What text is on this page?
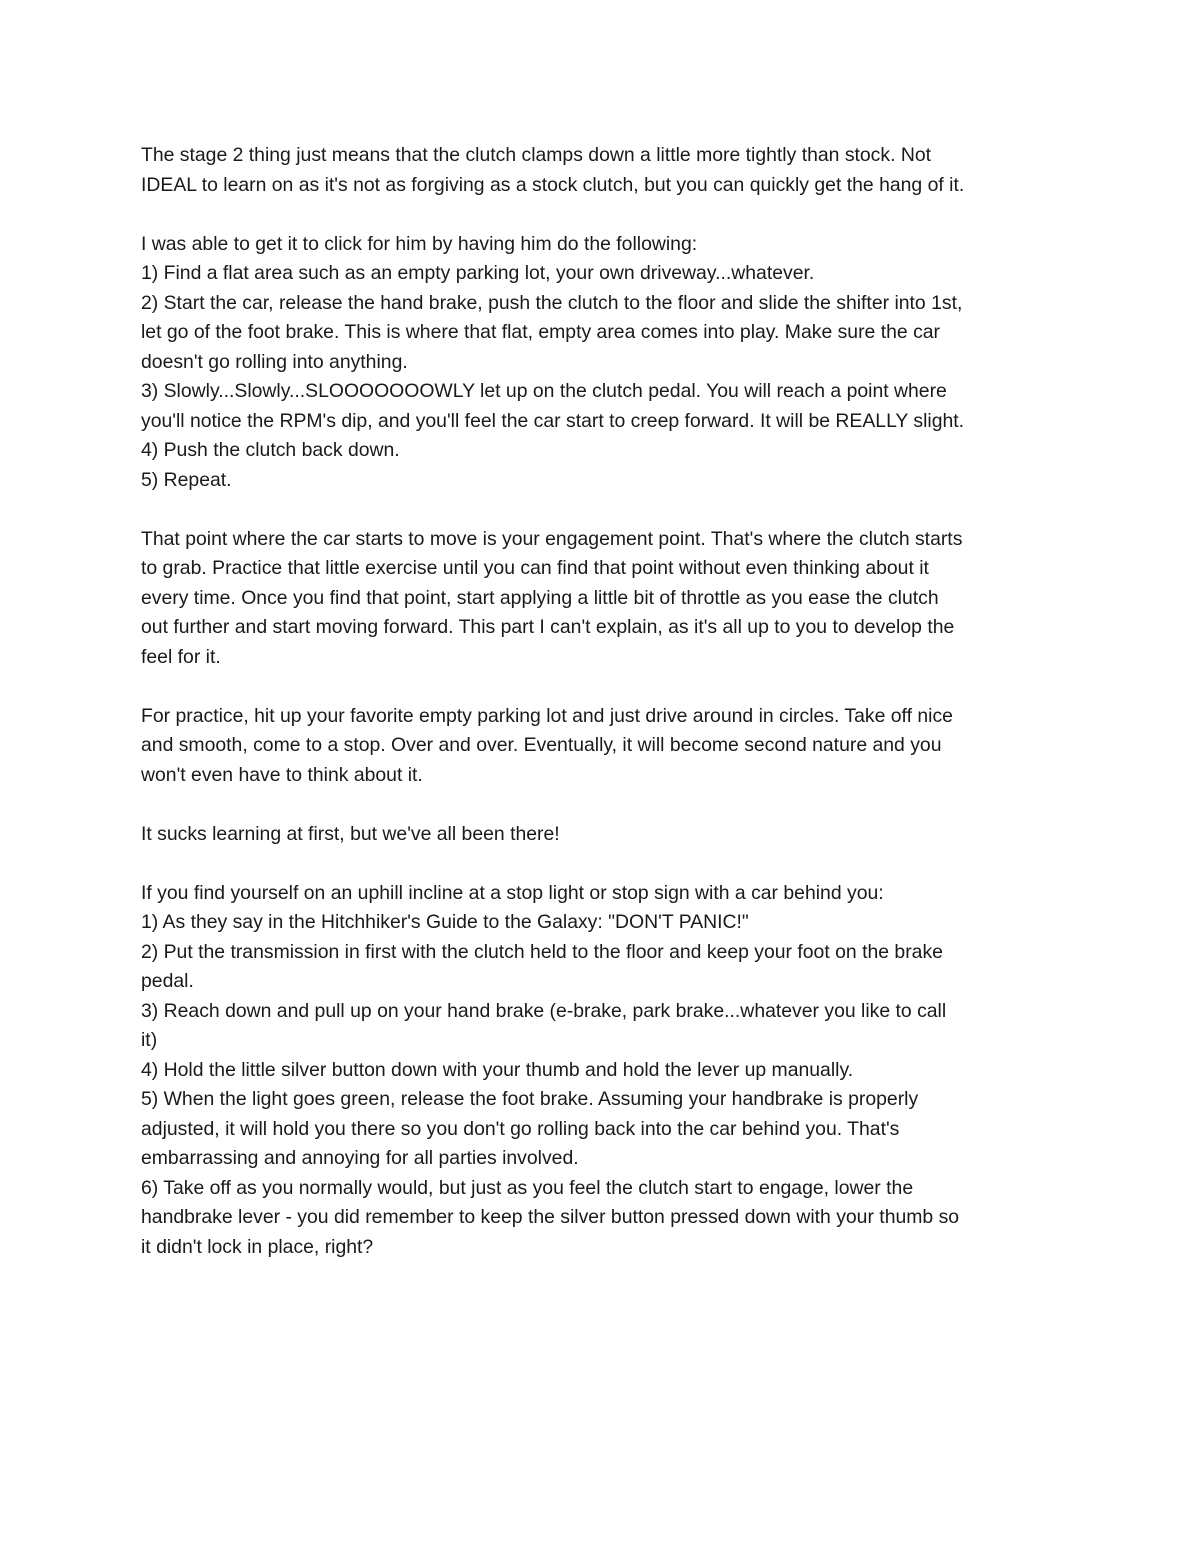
The stage 2 thing just means that the clutch clamps down a little more tightly than stock. Not
IDEAL to learn on as it's not as forgiving as a stock clutch, but you can quickly get the hang of it.

I was able to get it to click for him by having him do the following:
1) Find a flat area such as an empty parking lot, your own driveway...whatever.
2) Start the car, release the hand brake, push the clutch to the floor and slide the shifter into 1st,
let go of the foot brake. This is where that flat, empty area comes into play. Make sure the car
doesn't go rolling into anything.
3) Slowly...Slowly...SLOOOOOOOWLY let up on the clutch pedal. You will reach a point where
you'll notice the RPM's dip, and you'll feel the car start to creep forward. It will be REALLY slight.
4) Push the clutch back down.
5) Repeat.

That point where the car starts to move is your engagement point. That's where the clutch starts
to grab. Practice that little exercise until you can find that point without even thinking about it
every time. Once you find that point, start applying a little bit of throttle as you ease the clutch
out further and start moving forward. This part I can't explain, as it's all up to you to develop the
feel for it.

For practice, hit up your favorite empty parking lot and just drive around in circles. Take off nice
and smooth, come to a stop. Over and over. Eventually, it will become second nature and you
won't even have to think about it.

It sucks learning at first, but we've all been there!

If you find yourself on an uphill incline at a stop light or stop sign with a car behind you:
1) As they say in the Hitchhiker's Guide to the Galaxy: "DON'T PANIC!"
2) Put the transmission in first with the clutch held to the floor and keep your foot on the brake
pedal.
3) Reach down and pull up on your hand brake (e-brake, park brake...whatever you like to call
it)
4) Hold the little silver button down with your thumb and hold the lever up manually.
5) When the light goes green, release the foot brake. Assuming your handbrake is properly
adjusted, it will hold you there so you don't go rolling back into the car behind you. That's
embarrassing and annoying for all parties involved.
6) Take off as you normally would, but just as you feel the clutch start to engage, lower the
handbrake lever - you did remember to keep the silver button pressed down with your thumb so
it didn't lock in place, right?
